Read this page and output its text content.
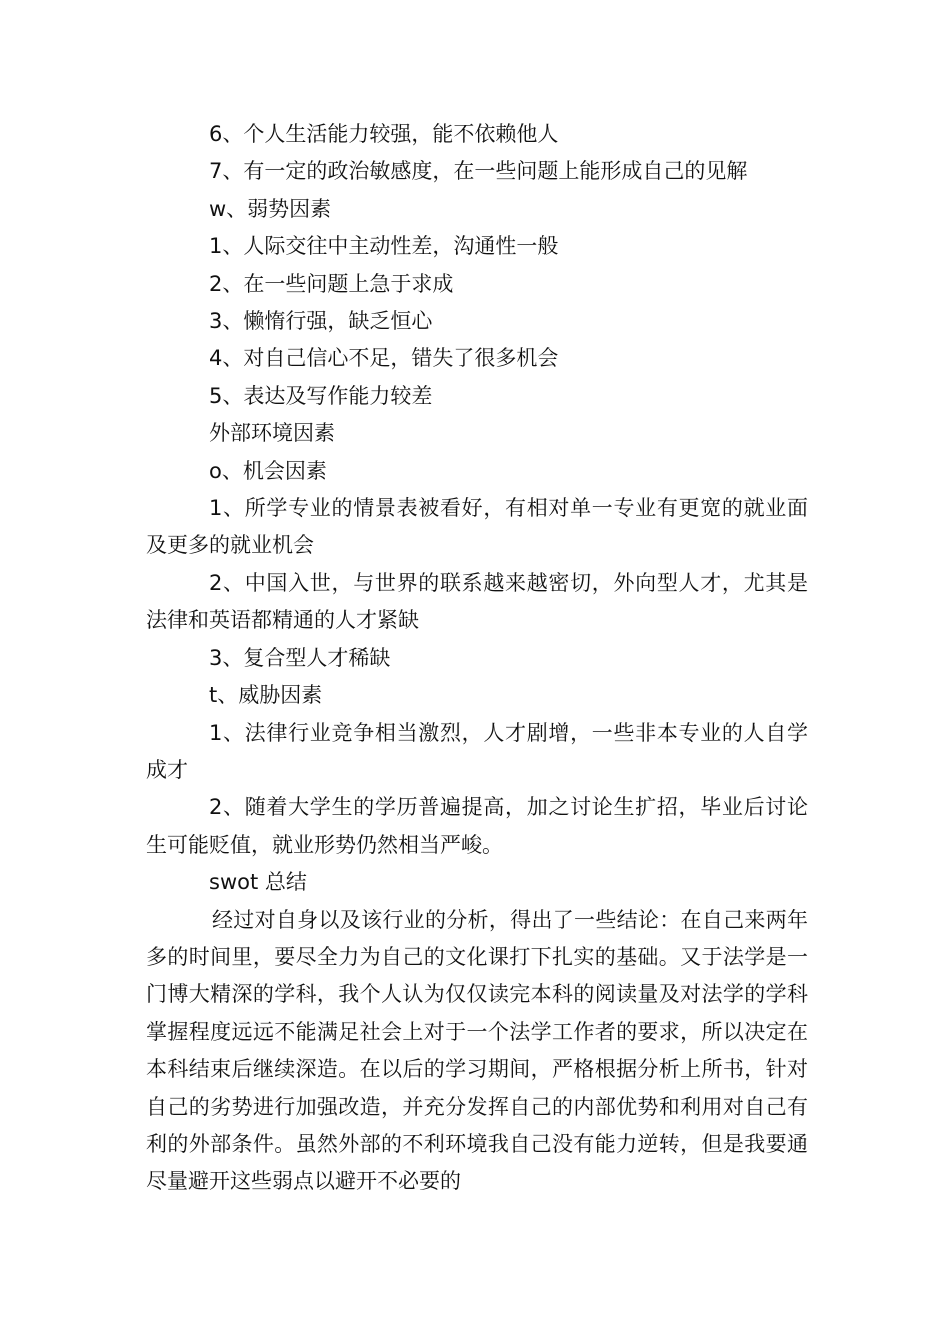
6、个人生活能力较强，能不依赖他人

7、有一定的政治敏感度，在一些问题上能形成自己的见解

w、弱势因素

1、人际交往中主动性差，沟通性一般

2、在一些问题上急于求成

3、懒惰行强，缺乏恒心

4、对自己信心不足，错失了很多机会

5、表达及写作能力较差

外部环境因素

o、机会因素

1、所学专业的情景表被看好，有相对单一专业有更宽的就业面及更多的就业机会

2、中国入世，与世界的联系越来越密切，外向型人才，尤其是法律和英语都精通的人才紧缺

3、复合型人才稀缺

t、威胁因素

1、法律行业竞争相当激烈，人才剧增，一些非本专业的人自学成才

2、随着大学生的学历普遍提高，加之讨论生扩招，毕业后讨论生可能贬值，就业形势仍然相当严峻。

swot 总结

经过对自身以及该行业的分析，得出了一些结论：在自己来两年多的时间里，要尽全力为自己的文化课打下扎实的基础。又于法学是一门博大精深的学科，我个人认为仅仅读完本科的阅读量及对法学的学科掌握程度远远不能满足社会上对于一个法学工作者的要求，所以决定在本科结束后继续深造。在以后的学习期间，严格根据分析上所书，针对自己的劣势进行加强改造，并充分发挥自己的内部优势和利用对自己有利的外部条件。虽然外部的不利环境我自己没有能力逆转，但是我要通尽量避开这些弱点以避开不必要的
